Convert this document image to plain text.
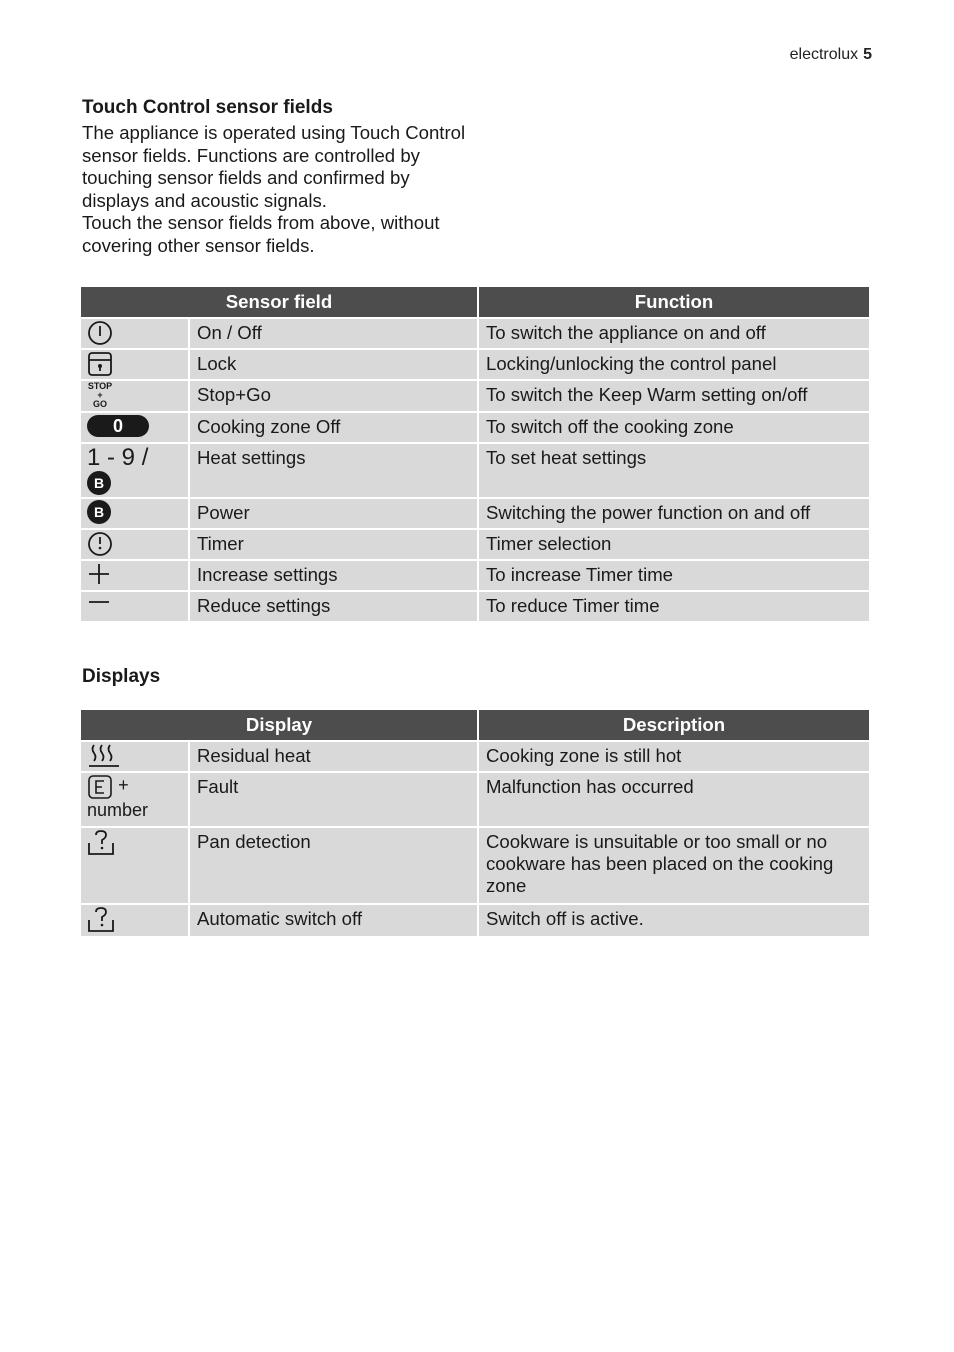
electrolux 5
Touch Control sensor fields

The appliance is operated using Touch Control sensor fields. Functions are controlled by touching sensor fields and confirmed by displays and acoustic signals.

Touch the sensor fields from above, without covering other sensor fields.

Sensor field		Function

	On / Off	To switch the appliance on and off

	Lock	Locking/unlocking the control panel

STOP
+
GO	Stop+Go	To switch the Keep Warm setting on/off
0	Cooking zone Off	To switch off the cooking zone

1 - 9 /
B	Heat settings	To set heat settings
B	Power	Switching the power function on and off

	Timer	Timer selection

	Increase settings	To increase Timer time

	Reduce settings	To reduce Timer time
Displays
Display		Description

	Residual heat	Cooking zone is still hot

+
number	Fault	Malfunction has occurred

	Pan detection	Cookware is unsuitable or too small or no cookware has been placed on the cooking zone

	Automatic switch off	Switch off is active.
